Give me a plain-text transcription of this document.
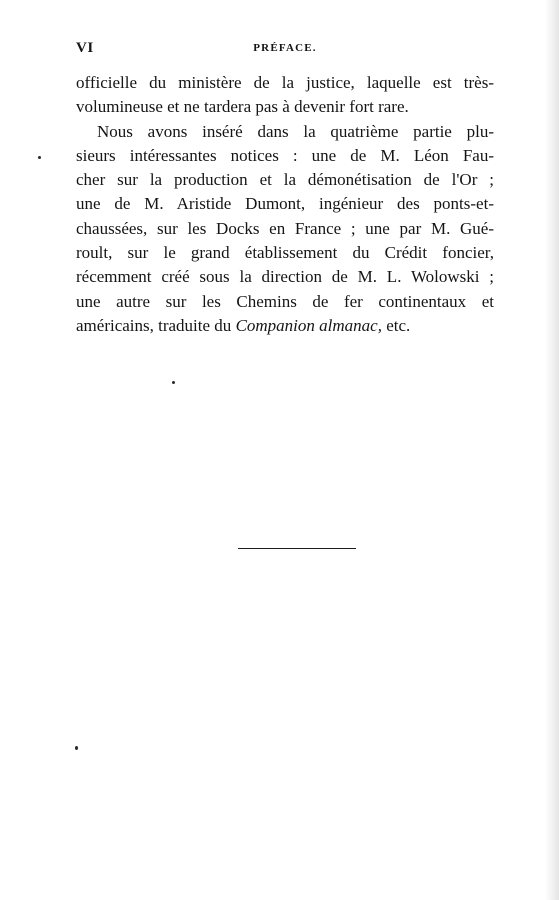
VI	PRÉFACE.
officielle du ministère de la justice, laquelle est très-
volumineuse et ne tardera pas à devenir fort rare.
Nous avons inséré dans la quatrième partie plu-
sieurs intéressantes notices : une de M. Léon Fau-
cher sur la production et la démonétisation de l'Or ;
une de M. Aristide Dumont, ingénieur des ponts-et-
chaussées, sur les Docks en France ; une par M. Gué-
roult, sur le grand établissement du Crédit foncier,
récemment créé sous la direction de M. L. Wolowski ;
une autre sur les Chemins de fer continentaux et
américains, traduite du Companion almanac, etc.
